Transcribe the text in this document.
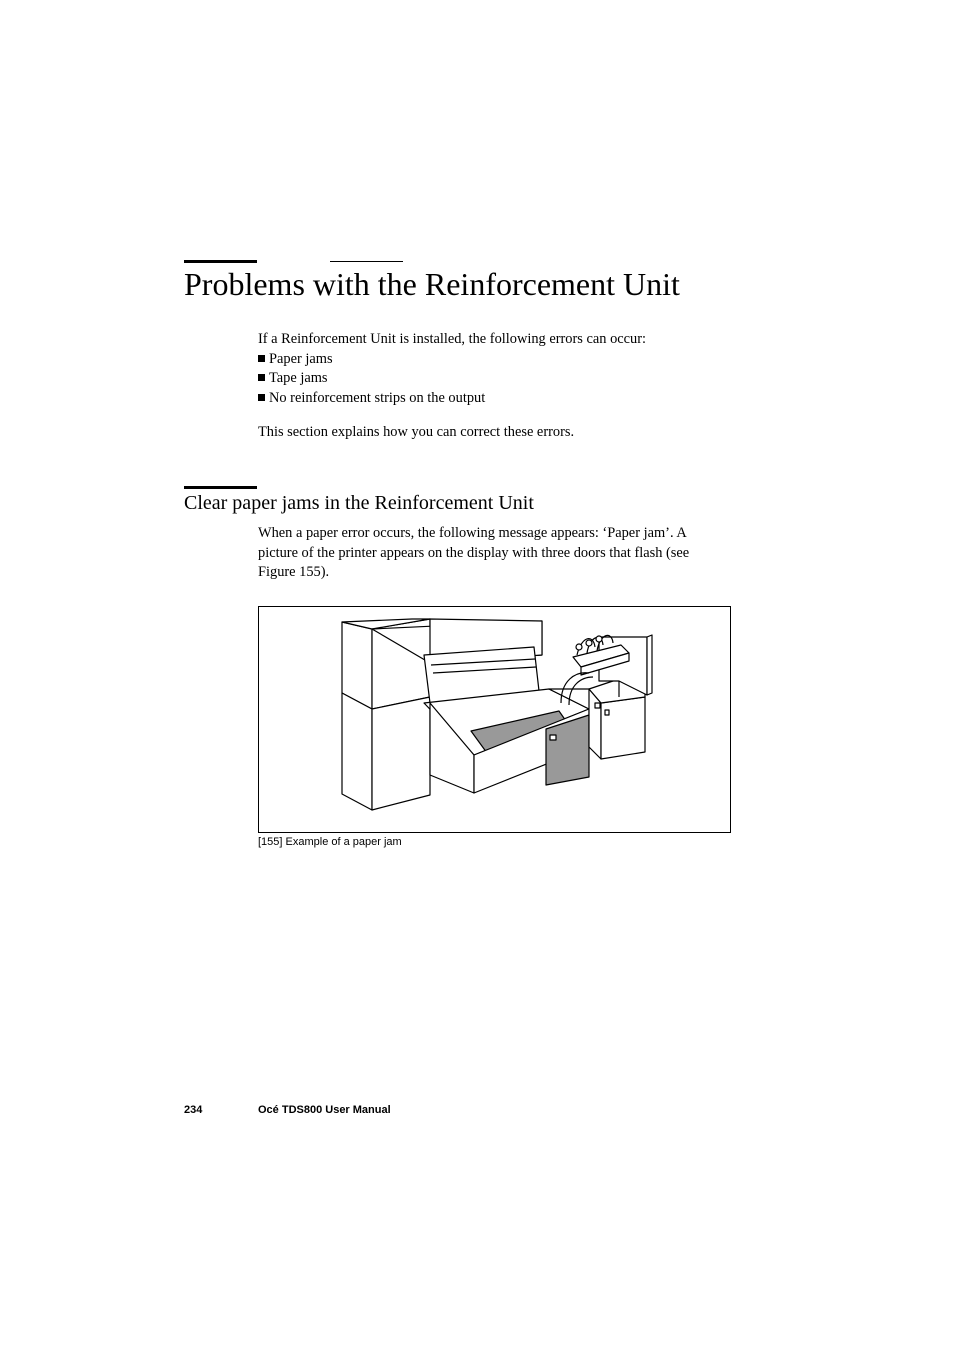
Problems with the Reinforcement Unit

If a Reinforcement Unit is installed, the following errors can occur:

Paper jams
Tape jams
No reinforcement strips on the output

This section explains how you can correct these errors.

Clear paper jams in the Reinforcement Unit

When a paper error occurs, the following message appears: ‘Paper jam’. A picture of the printer appears on the display with three doors that flash (see Figure 155).

[155] Example of a paper jam
234	Océ TDS800 User Manual
